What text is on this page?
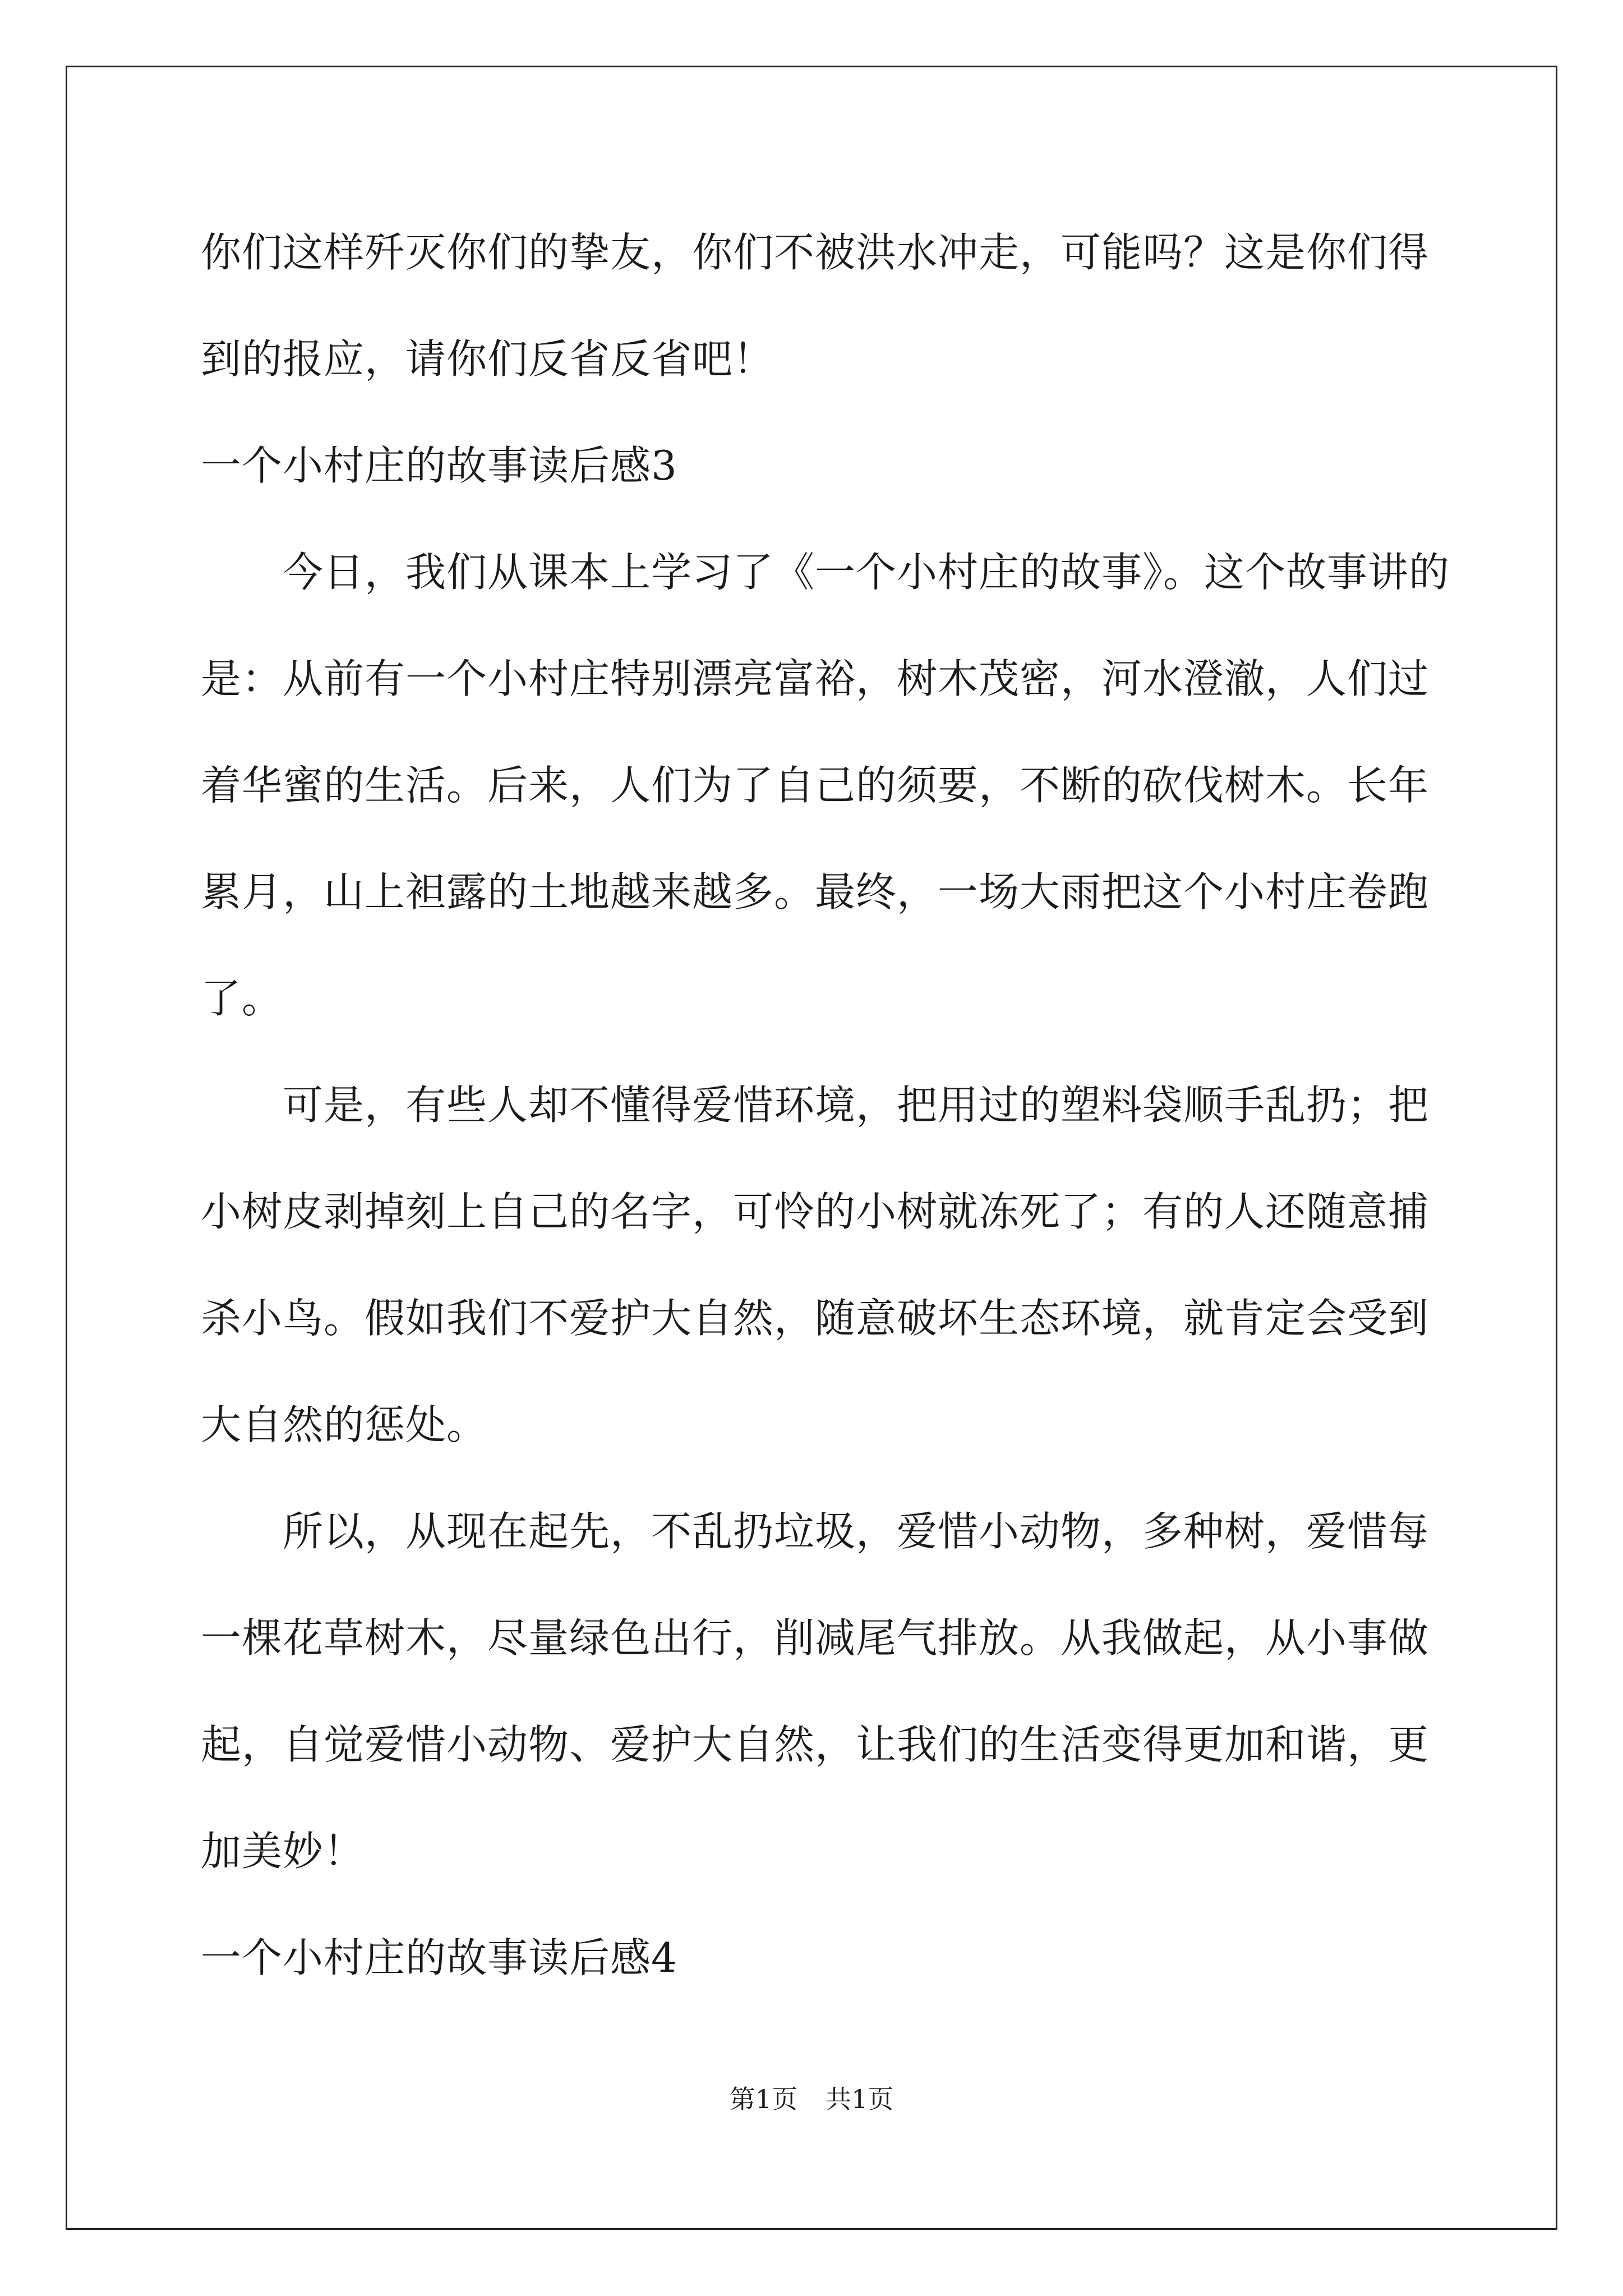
你们这样歼灭你们的挚友，你们不被洪水冲走，可能吗？这是你们得
到的报应，请你们反省反省吧！
一个小村庄的故事读后感3
今日，我们从课本上学习了《一个小村庄的故事》。这个故事讲的
是：从前有一个小村庄特别漂亮富裕，树木茂密，河水澄澈，人们过
着华蜜的生活。后来，人们为了自己的须要，不断的砍伐树木。长年
累月，山上袒露的土地越来越多。最终，一场大雨把这个小村庄卷跑
了。
可是，有些人却不懂得爱惜环境，把用过的塑料袋顺手乱扔；把
小树皮剥掉刻上自己的名字，可怜的小树就冻死了；有的人还随意捕
杀小鸟。假如我们不爱护大自然，随意破坏生态环境，就肯定会受到
大自然的惩处。
所以，从现在起先，不乱扔垃圾，爱惜小动物，多种树，爱惜每
一棵花草树木，尽量绿色出行，削减尾气排放。从我做起，从小事做
起，自觉爱惜小动物、爱护大自然，让我们的生活变得更加和谐，更
加美妙！
一个小村庄的故事读后感4
第1页 共1页
